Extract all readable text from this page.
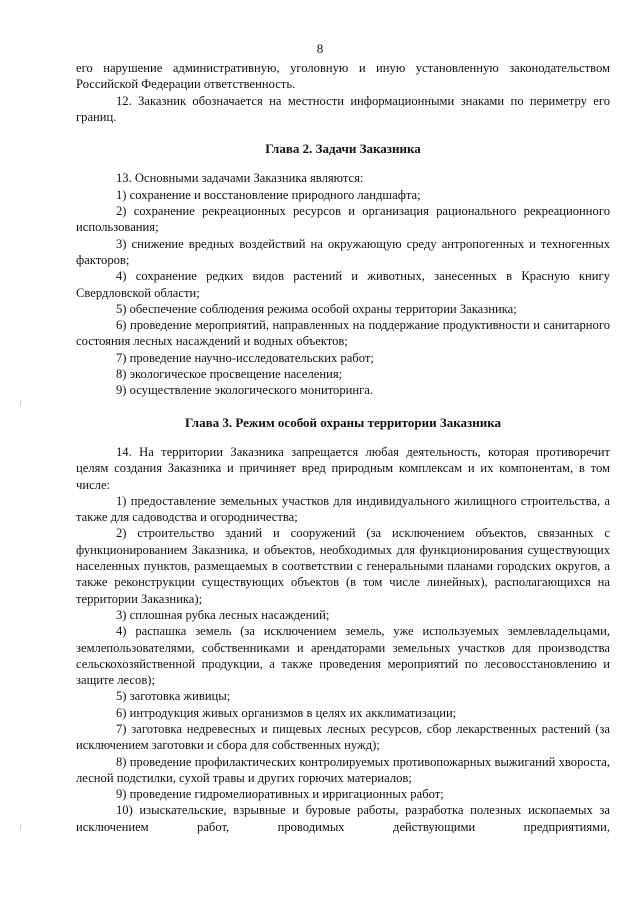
8

его нарушение административную, уголовную и иную установленную законодательством Российской Федерации ответственность.

12. Заказник обозначается на местности информационными знаками по периметру его границ.

Глава 2. Задачи Заказника

13. Основными задачами Заказника являются:

1) сохранение и восстановление природного ландшафта;

2) сохранение рекреационных ресурсов и организация рационального рекреационного использования;

3) снижение вредных воздействий на окружающую среду антропогенных и техногенных факторов;

4) сохранение редких видов растений и животных, занесенных в Красную книгу Свердловской области;

5) обеспечение соблюдения режима особой охраны территории Заказника;

6) проведение мероприятий, направленных на поддержание продуктивности и санитарного состояния лесных насаждений и водных объектов;

7) проведение научно-исследовательских работ;

8) экологическое просвещение населения;

9) осуществление экологического мониторинга.

Глава 3. Режим особой охраны территории Заказника

14. На территории Заказника запрещается любая деятельность, которая противоречит целям создания Заказника и причиняет вред природным комплексам и их компонентам, в том числе:

1) предоставление земельных участков для индивидуального жилищного строительства, а также для садоводства и огородничества;

2) строительство зданий и сооружений (за исключением объектов, связанных с функционированием Заказника, и объектов, необходимых для функционирования существующих населенных пунктов, размещаемых в соответствии с генеральными планами городских округов, а также реконструкции существующих объектов (в том числе линейных), располагающихся на территории Заказника);

3) сплошная рубка лесных насаждений;

4) распашка земель (за исключением земель, уже используемых землевладельцами, землепользователями, собственниками и арендаторами земельных участков для производства сельскохозяйственной продукции, а также проведения мероприятий по лесовосстановлению и защите лесов);

5) заготовка живицы;

6) интродукция живых организмов в целях их акклиматизации;

7) заготовка недревесных и пищевых лесных ресурсов, сбор лекарственных растений (за исключением заготовки и сбора для собственных нужд);

8) проведение профилактических контролируемых противопожарных выжиганий хвороста, лесной подстилки, сухой травы и других горючих материалов;

9) проведение гидромелиоративных и ирригационных работ;

10) изыскательские, взрывные и буровые работы, разработка полезных ископаемых за исключением работ, проводимых действующими предприятиями,
